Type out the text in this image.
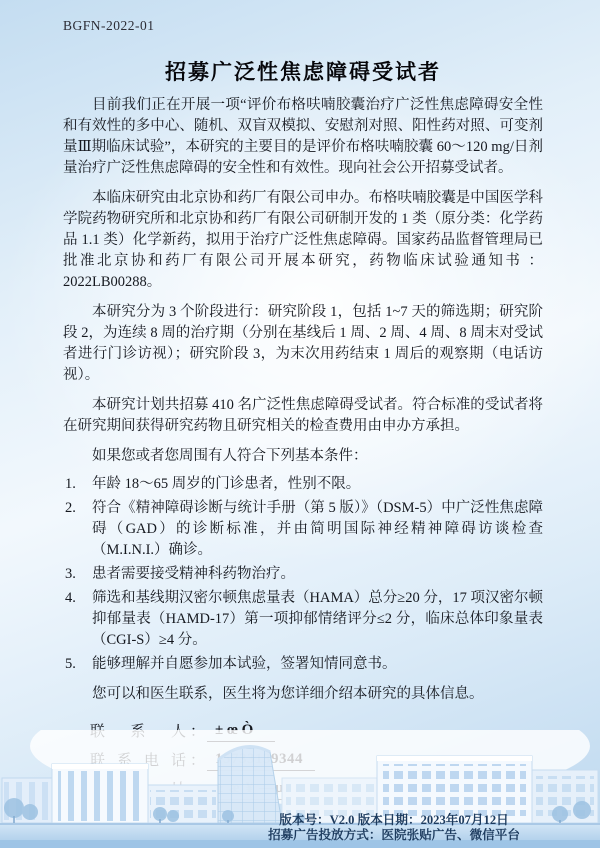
BGFN-2022-01
招募广泛性焦虑障碍受试者

目前我们正在开展一项“评价布格呋喃胶囊治疗广泛性焦虑障碍安全性和有效性的多中心、随机、双盲双模拟、安慰剂对照、阳性药对照、可变剂量Ⅲ期临床试验”，本研究的主要目的是评价布格呋喃胶囊 60～120 mg/日剂量治疗广泛性焦虑障碍的安全性和有效性。现向社会公开招募受试者。

本临床研究由北京协和药厂有限公司申办。布格呋喃胶囊是中国医学科学院药物研究所和北京协和药厂有限公司研制开发的 1 类（原分类：化学药品 1.1 类）化学新药，拟用于治疗广泛性焦虑障碍。国家药品监督管理局已批准北京协和药厂有限公司开展本研究，药物临床试验通知书 ：2022LB00288。

本研究分为 3 个阶段进行：研究阶段 1，包括 1~7 天的筛选期；研究阶段 2，为连续 8 周的治疗期（分别在基线后 1 周、2 周、4 周、8 周末对受试者进行门诊访视）；研究阶段 3，为末次用药结束 1 周后的观察期（电话访视）。

本研究计划共招募 410 名广泛性焦虑障碍受试者。符合标准的受试者将在研究期间获得研究药物且研究相关的检查费用由申办方承担。

如果您或者您周围有人符合下列基本条件：

1.	年龄 18～65 周岁的门诊患者，性别不限。
2.	符合《精神障碍诊断与统计手册（第 5 版）》（DSM-5）中广泛性焦虑障碍（GAD）的诊断标准，并由简明国际神经精神障碍访谈检查（M.I.N.I.）确诊。
3.	患者需要接受精神科药物治疗。
4.	筛选和基线期汉密尔顿焦虑量表（HAMA）总分≥20 分，17 项汉密尔顿抑郁量表（HAMD-17）第一项抑郁情绪评分≤2 分，临床总体印象量表（CGI-S）≥4 分。
5.	能够理解并自愿参加本试验，签署知情同意书。

您可以和医生联系，医生将为您详细介绍本研究的具体信息。

版本号：V2.0 版本日期：2023年07月12日
招募广告投放方式：医院张贴广告、微信平台
